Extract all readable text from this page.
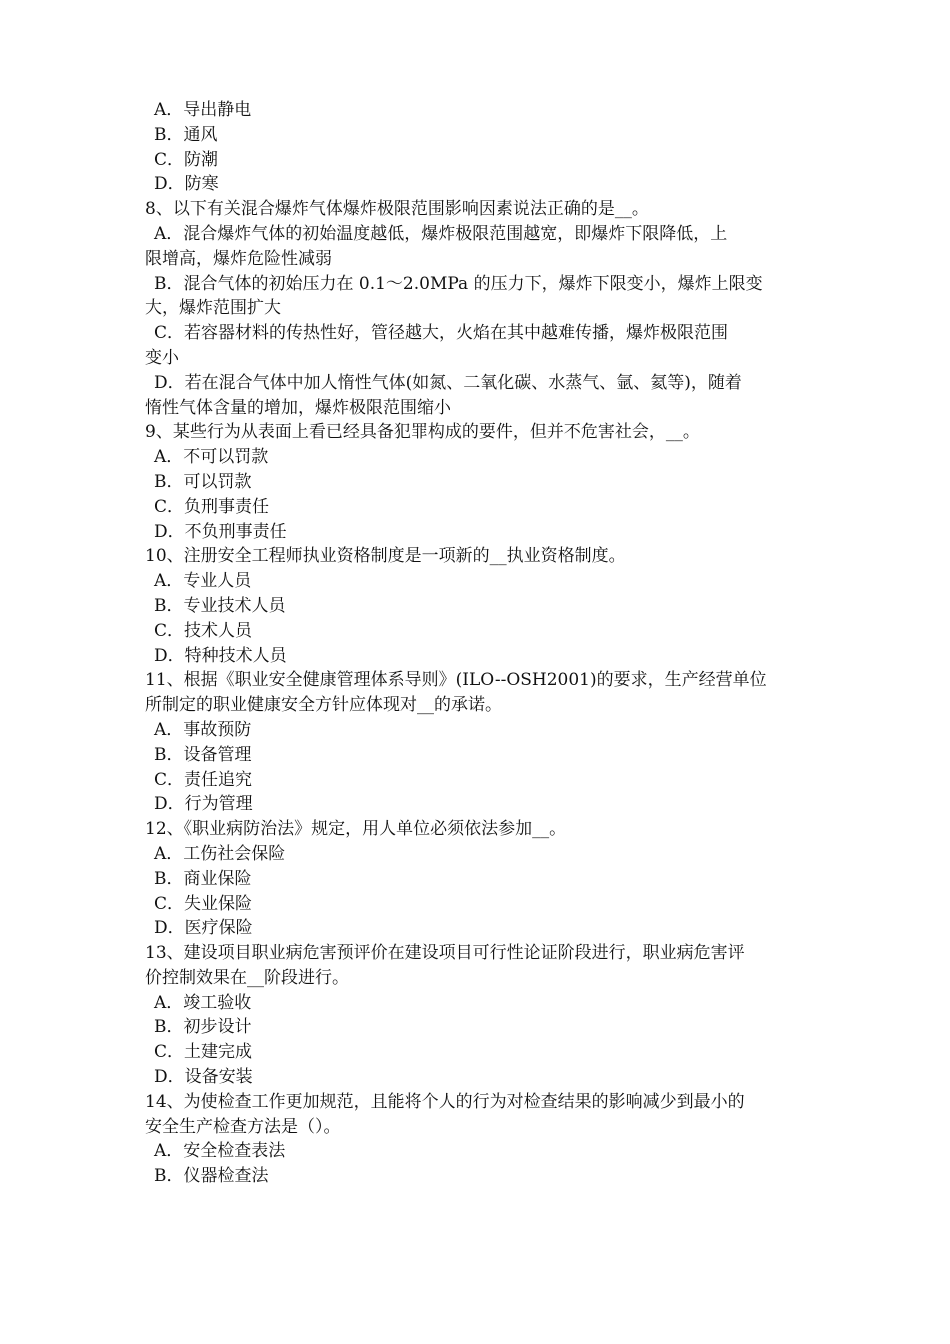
A．导出静电
B．通风
C．防潮
D．防寒
8、以下有关混合爆炸气体爆炸极限范围影响因素说法正确的是__。
A．混合爆炸气体的初始温度越低，爆炸极限范围越宽，即爆炸下限降低，上
限增高，爆炸危险性减弱
B．混合气体的初始压力在 0.1～2.0MPa 的压力下，爆炸下限变小，爆炸上限变
大，爆炸范围扩大
C．若容器材料的传热性好，管径越大，火焰在其中越难传播，爆炸极限范围
变小
D．若在混合气体中加人惰性气体(如氮、二氧化碳、水蒸气、氩、氦等)，随着
惰性气体含量的增加，爆炸极限范围缩小
9、某些行为从表面上看已经具备犯罪构成的要件，但并不危害社会，__。
A．不可以罚款
B．可以罚款
C．负刑事责任
D．不负刑事责任
10、注册安全工程师执业资格制度是一项新的__执业资格制度。
A．专业人员
B．专业技术人员
C．技术人员
D．特种技术人员
11、根据《职业安全健康管理体系导则》(ILO--OSH2001)的要求，生产经营单位
所制定的职业健康安全方针应体现对__的承诺。
A．事故预防
B．设备管理
C．责任追究
D．行为管理
12、《职业病防治法》规定，用人单位必须依法参加__。
A．工伤社会保险
B．商业保险
C．失业保险
D．医疗保险
13、建设项目职业病危害预评价在建设项目可行性论证阶段进行，职业病危害评
价控制效果在__阶段进行。
A．竣工验收
B．初步设计
C．土建完成
D．设备安装
14、为使检查工作更加规范，且能将个人的行为对检查结果的影响减少到最小的
安全生产检查方法是（）。
A．安全检查表法
B．仪器检查法
